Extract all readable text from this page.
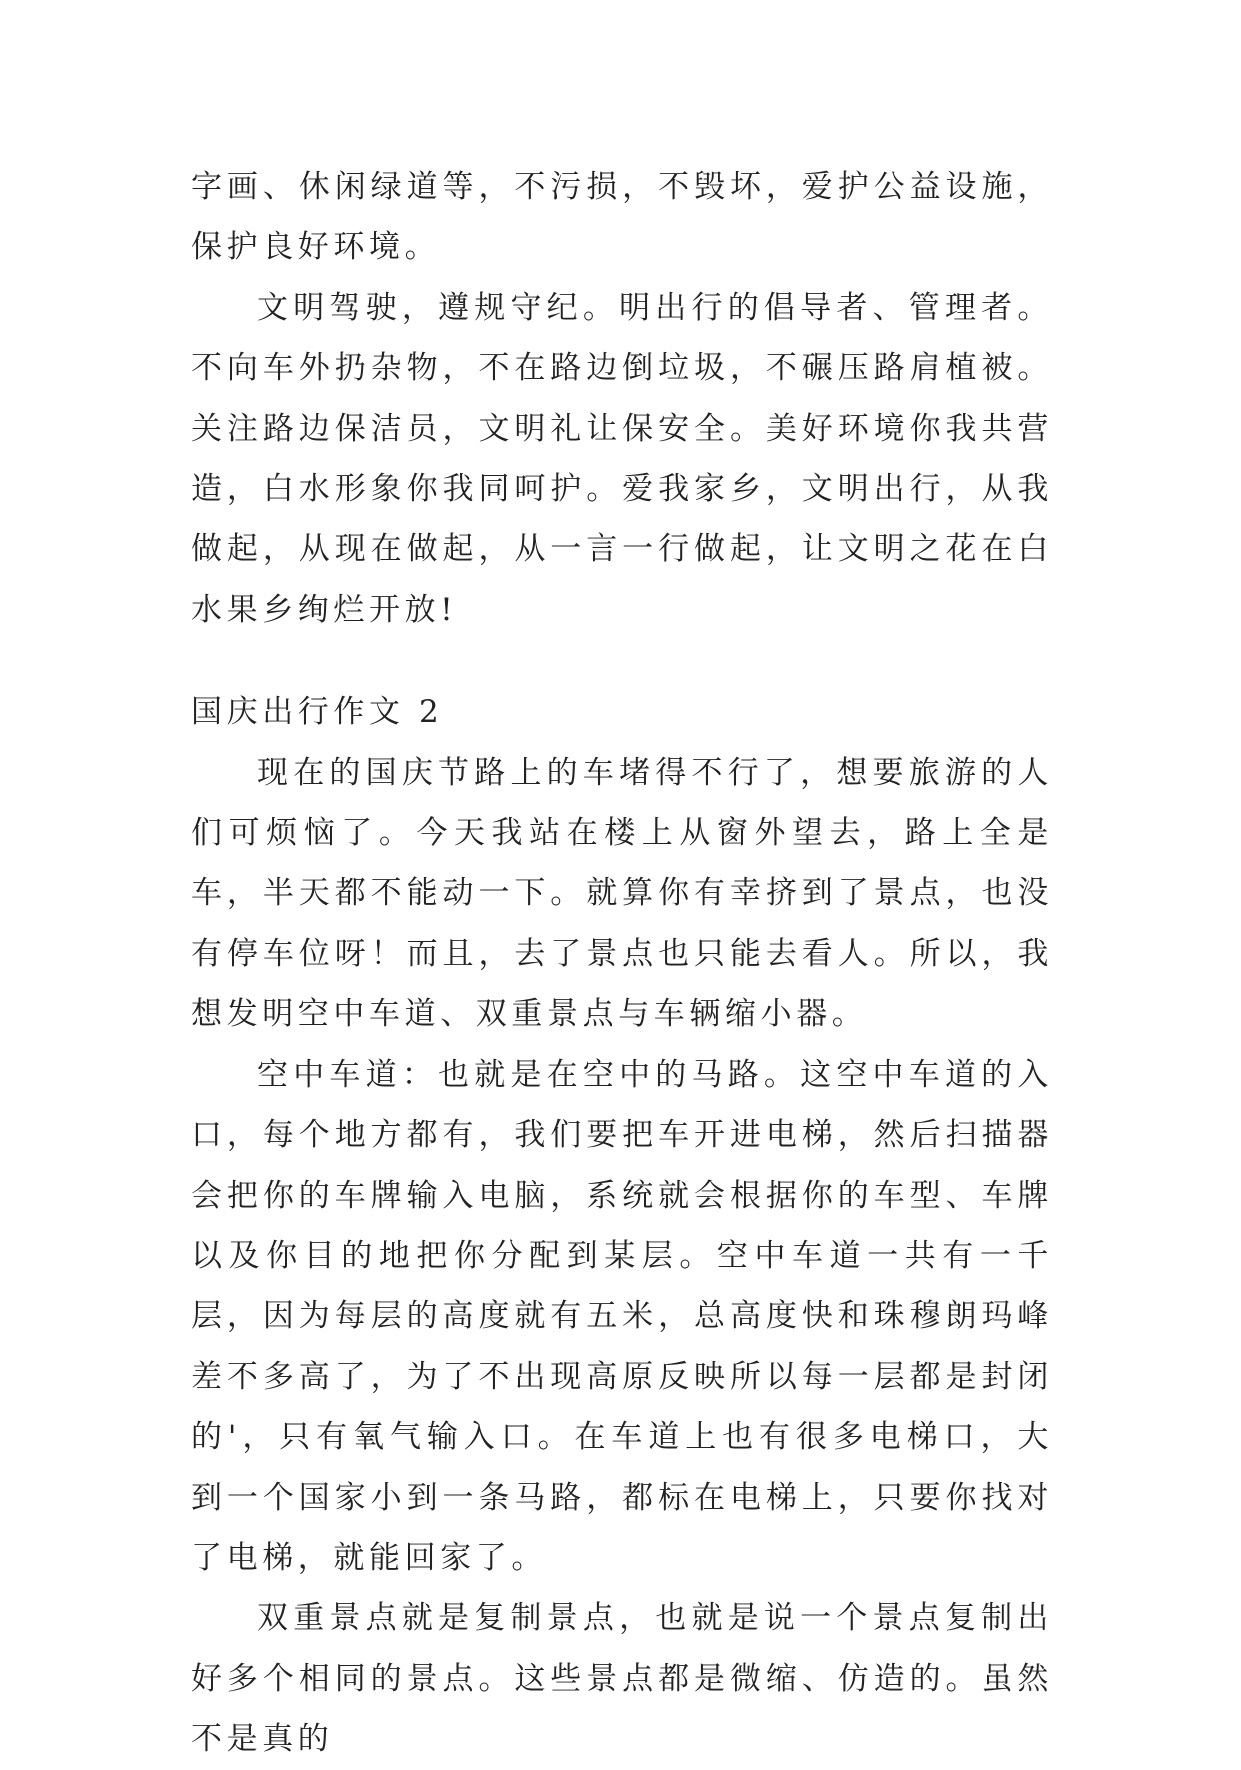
字画、休闲绿道等，不污损，不毁坏，爱护公益设施，保护良好环境。

文明驾驶，遵规守纪。明出行的倡导者、管理者。不向车外扔杂物，不在路边倒垃圾，不碾压路肩植被。关注路边保洁员，文明礼让保安全。美好环境你我共营造，白水形象你我同呵护。爱我家乡，文明出行，从我做起，从现在做起，从一言一行做起，让文明之花在白水果乡绚烂开放!

国庆出行作文 2

现在的国庆节路上的车堵得不行了，想要旅游的人们可烦恼了。今天我站在楼上从窗外望去，路上全是车，半天都不能动一下。就算你有幸挤到了景点，也没有停车位呀！而且，去了景点也只能去看人。所以，我想发明空中车道、双重景点与车辆缩小器。

空中车道：也就是在空中的马路。这空中车道的入口，每个地方都有，我们要把车开进电梯，然后扫描器会把你的车牌输入电脑，系统就会根据你的车型、车牌以及你目的地把你分配到某层。空中车道一共有一千层，因为每层的高度就有五米，总高度快和珠穆朗玛峰差不多高了，为了不出现高原反映所以每一层都是封闭的'，只有氧气输入口。在车道上也有很多电梯口，大到一个国家小到一条马路，都标在电梯上，只要你找对了电梯，就能回家了。

双重景点就是复制景点，也就是说一个景点复制出好多个相同的景点。这些景点都是微缩、仿造的。虽然不是真的
